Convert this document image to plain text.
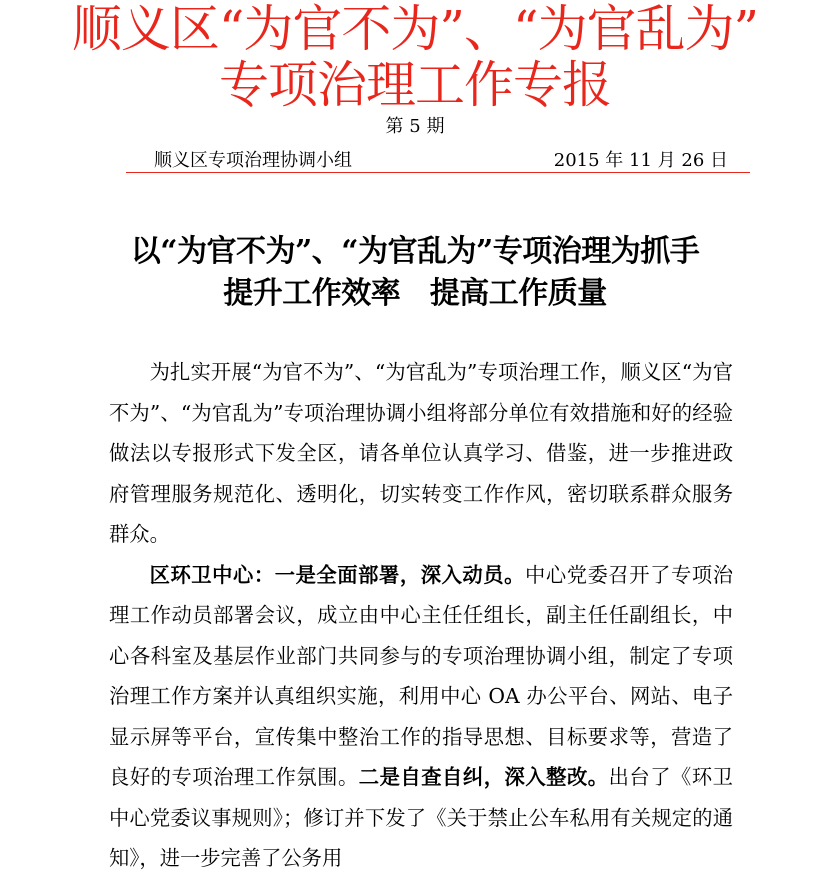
顺义区“为官不为”、“为官乱为”
专项治理工作专报
第 5 期
顺义区专项治理协调小组	2015 年 11 月 26 日
以“为官不为”、“为官乱为”专项治理为抓手
提升工作效率　提高工作质量

为扎实开展“为官不为”、“为官乱为”专项治理工作，顺义区“为官不为”、“为官乱为”专项治理协调小组将部分单位有效措施和好的经验做法以专报形式下发全区，请各单位认真学习、借鉴，进一步推进政府管理服务规范化、透明化，切实转变工作作风，密切联系群众服务群众。

区环卫中心：一是全面部署，深入动员。中心党委召开了专项治理工作动员部署会议，成立由中心主任任组长，副主任任副组长，中心各科室及基层作业部门共同参与的专项治理协调小组，制定了专项治理工作方案并认真组织实施，利用中心 OA 办公平台、网站、电子显示屏等平台，宣传集中整治工作的指导思想、目标要求等，营造了良好的专项治理工作氛围。二是自查自纠，深入整改。出台了《环卫中心党委议事规则》；修订并下发了《关于禁止公车私用有关规定的通知》，进一步完善了公务用
